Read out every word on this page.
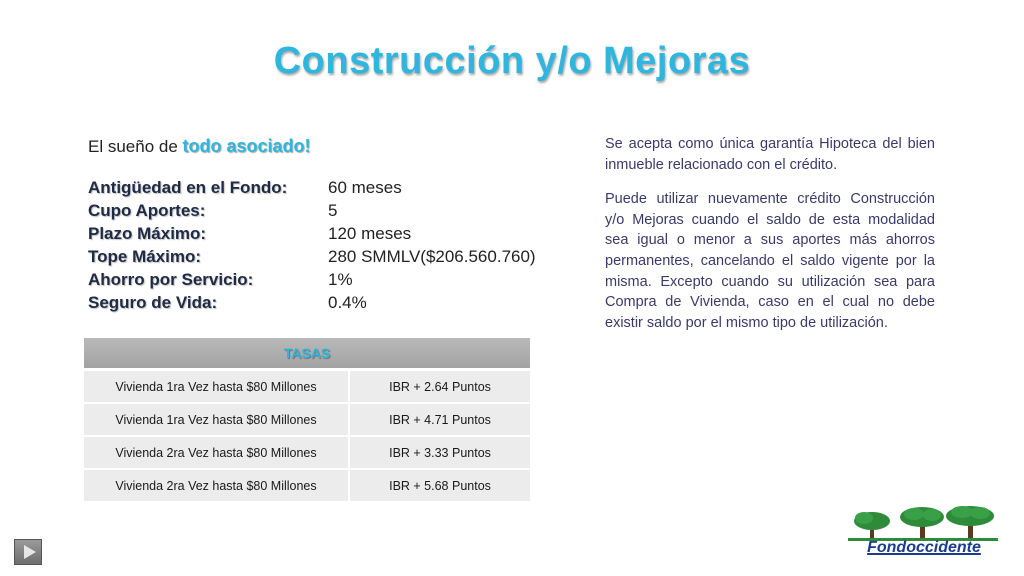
Construcción y/o Mejoras
El sueño de todo asociado!
Antigüedad en el Fondo:	60 meses
Cupo Aportes:	5
Plazo Máximo:	120 meses
Tope Máximo:	280 SMMLV($206.560.760)
Ahorro por Servicio:	1%
Seguro de Vida:	0.4%
TASAS	
Vivienda 1ra Vez hasta $80 Millones	IBR + 2.64 Puntos
Vivienda 1ra Vez hasta $80 Millones	IBR + 4.71 Puntos
Vivienda 2ra Vez hasta $80 Millones	IBR + 3.33 Puntos
Vivienda 2ra Vez hasta $80 Millones	IBR + 5.68 Puntos

Se acepta como única garantía Hipoteca del bien inmueble relacionado con el crédito.

Puede utilizar nuevamente crédito Construcción y/o Mejoras cuando el saldo de esta modalidad sea igual o menor a sus aportes más ahorros permanentes, cancelando el saldo vigente por la misma. Excepto cuando su utilización sea para Compra de Vivienda, caso en el cual no debe existir saldo por el mismo tipo de utilización.

Fondoccidente
